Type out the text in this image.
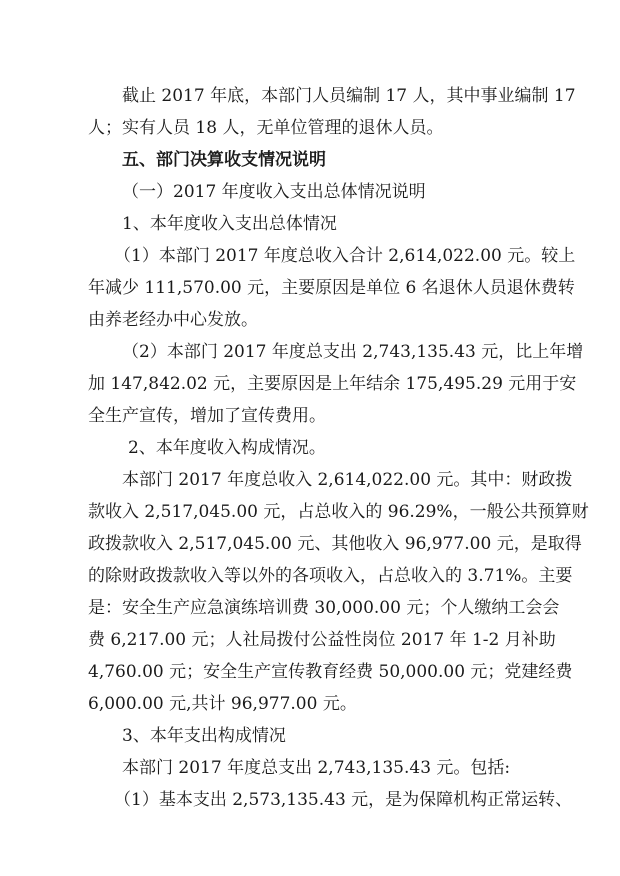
截止 2017 年底，本部门人员编制 17 人，其中事业编制 17
人；实有人员 18 人，无单位管理的退休人员。
五、部门决算收支情况说明
（一）2017 年度收入支出总体情况说明
1、本年度收入支出总体情况
（1）本部门 2017 年度总收入合计 2,614,022.00 元。较上
年减少 111,570.00 元，主要原因是单位 6 名退休人员退休费转
由养老经办中心发放。
（2）本部门 2017 年度总支出 2,743,135.43 元，比上年增
加 147,842.02 元，主要原因是上年结余 175,495.29 元用于安
全生产宣传，增加了宣传费用。
2、本年度收入构成情况。
本部门 2017 年度总收入 2,614,022.00 元。其中：财政拨
款收入 2,517,045.00 元，占总收入的 96.29%，一般公共预算财
政拨款收入 2,517,045.00 元、其他收入 96,977.00 元，是取得
的除财政拨款收入等以外的各项收入，占总收入的 3.71%。主要
是：安全生产应急演练培训费 30,000.00 元；个人缴纳工会会
费 6,217.00 元；人社局拨付公益性岗位 2017 年 1-2 月补助
4,760.00 元；安全生产宣传教育经费 50,000.00 元；党建经费
6,000.00 元,共计 96,977.00 元。
3、本年支出构成情况
本部门 2017 年度总支出 2,743,135.43 元。包括:
（1）基本支出 2,573,135.43 元，是为保障机构正常运转、
